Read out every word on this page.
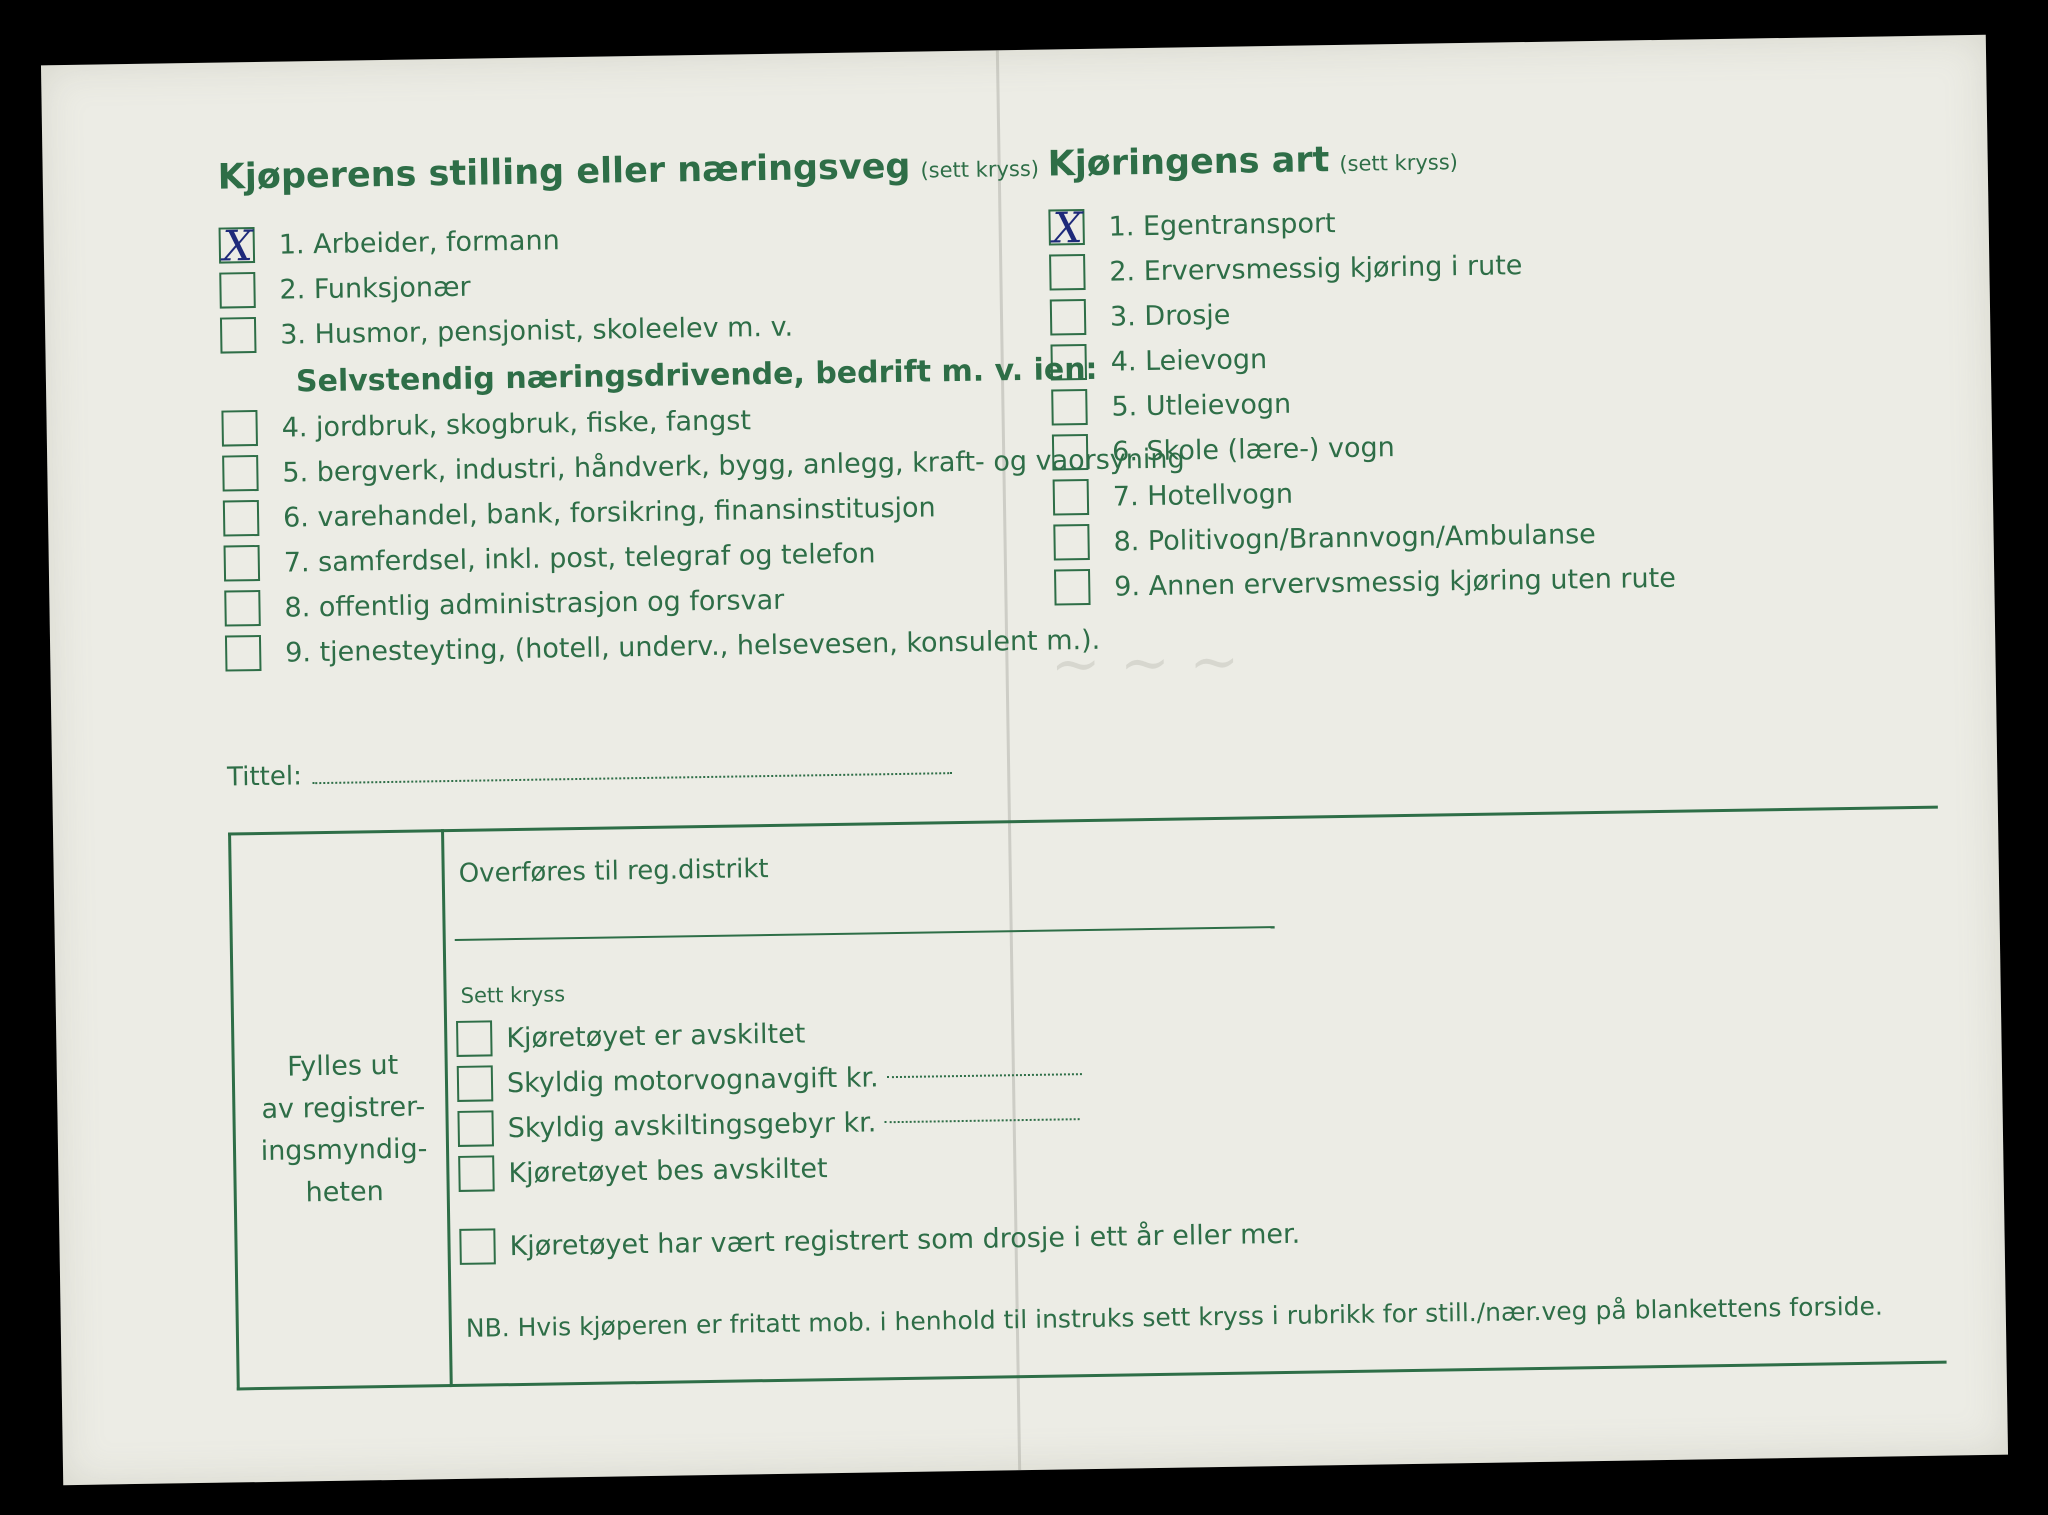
~ ~ ~
Kjøperens stilling eller næringsveg (sett kryss)
X 1. Arbeider, formann
2. Funksjonær
3. Husmor, pensjonist, skoleelev m. v.
Selvstendig næringsdrivende, bedrift m. v. ien:
4. jordbruk, skogbruk, fiske, fangst
5. bergverk, industri, håndverk, bygg, anlegg, kraft- og vaorsyning
6. varehandel, bank, forsikring, finansinstitusjon
7. samferdsel, inkl. post, telegraf og telefon
8. offentlig administrasjon og forsvar
9. tjenesteyting, (hotell, underv., helsevesen, konsulent m.).
Tittel:
Kjøringens art (sett kryss)
X 1. Egentransport
2. Ervervsmessig kjøring i rute
3. Drosje
4. Leievogn
5. Utleievogn
6. Skole (lære-) vogn
7. Hotellvogn
8. Politivogn/Brannvogn/Ambulanse
9. Annen ervervsmessig kjøring uten rute
Fylles ut
av registrer-
ingsmyndig-
heten
Overføres til reg.distrikt
Sett kryss
Kjøretøyet er avskiltet
Skyldig motorvognavgift kr.
Skyldig avskiltingsgebyr kr.
Kjøretøyet bes avskiltet
Kjøretøyet har vært registrert som drosje i ett år eller mer.
NB. Hvis kjøperen er fritatt mob. i henhold til instruks sett kryss i rubrikk for still./nær.veg på blankettens forside.
